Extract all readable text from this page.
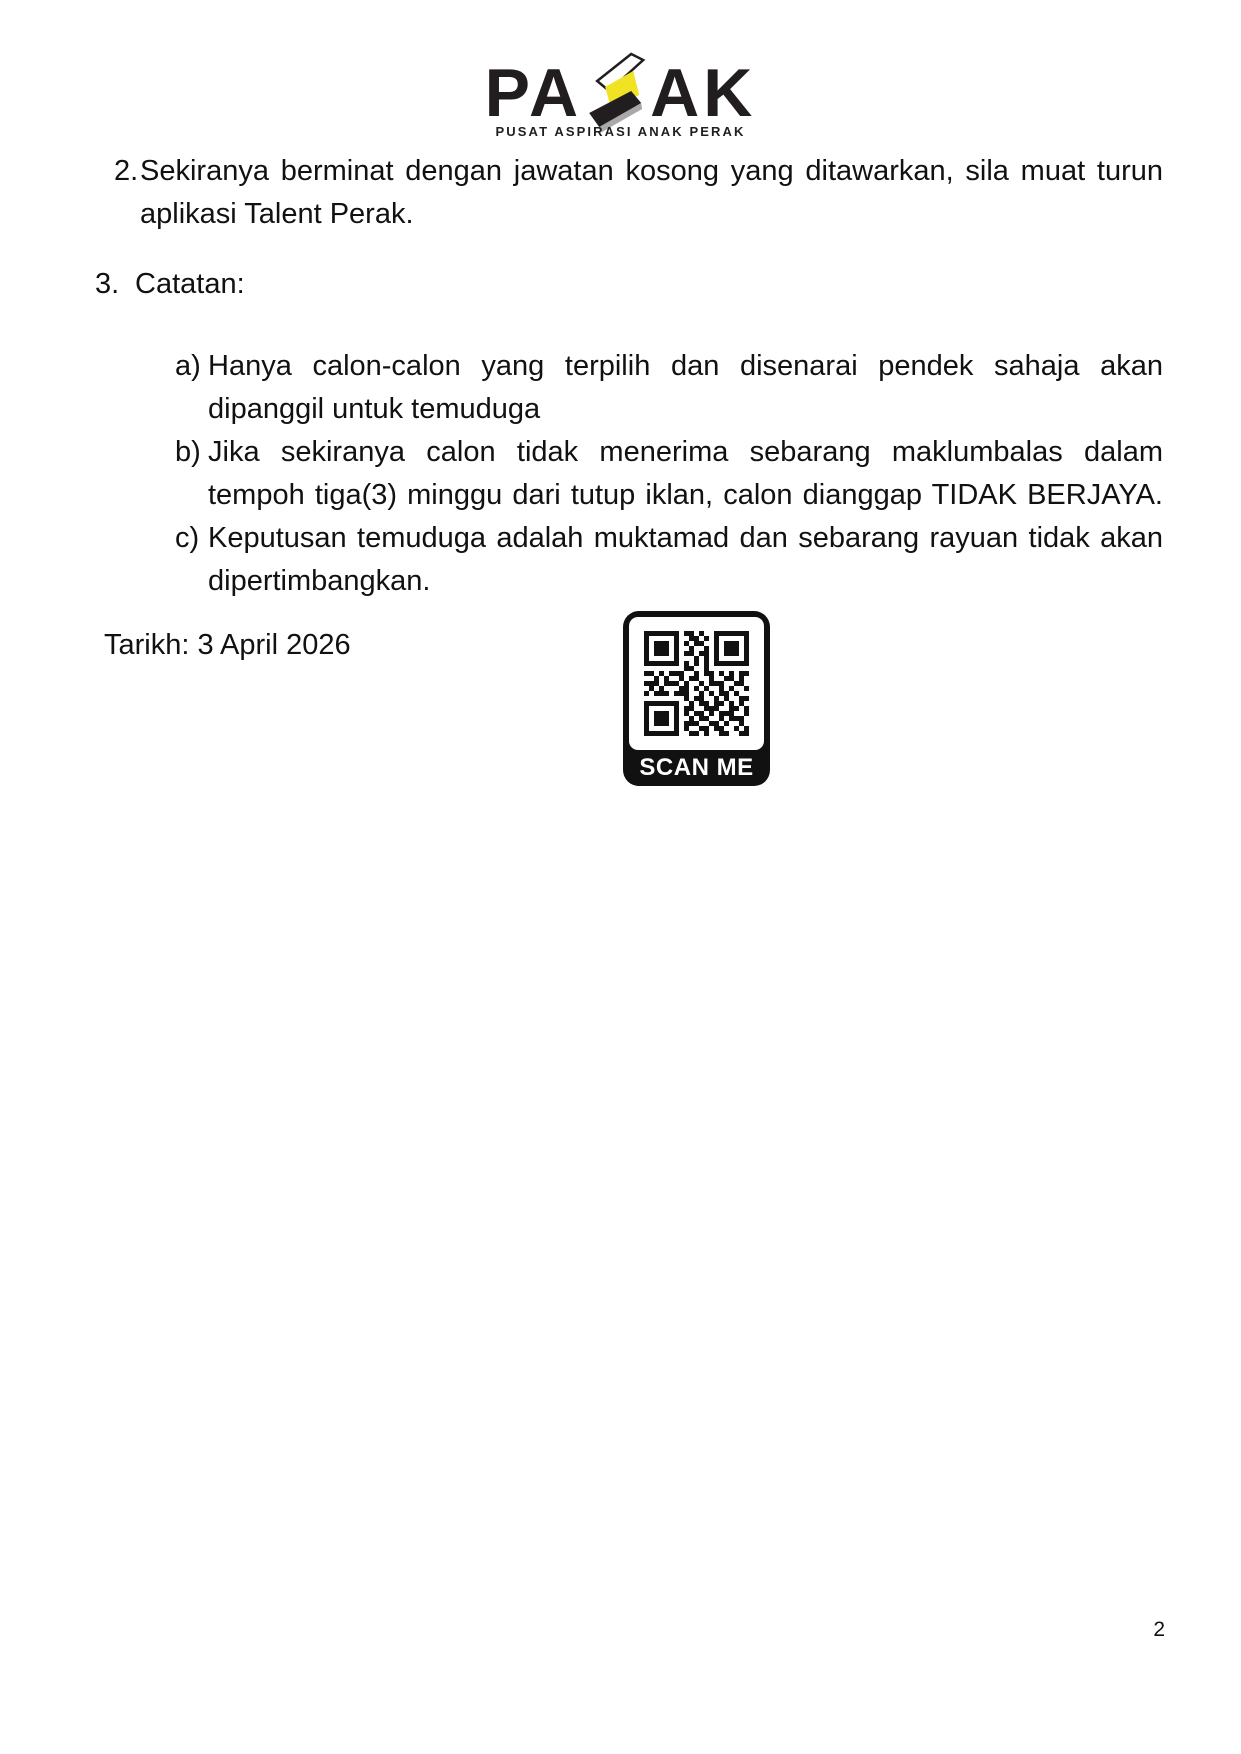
PA AK
PUSAT ASPIRASI ANAK PERAK
2. Sekiranya berminat dengan jawatan kosong yang ditawarkan, sila muat turun
aplikasi Talent Perak.
3. Catatan:
a) Hanya calon-calon yang terpilih dan disenarai pendek sahaja akan
dipanggil untuk temuduga
b) Jika sekiranya calon tidak menerima sebarang maklumbalas dalam
tempoh tiga(3) minggu dari tutup iklan, calon dianggap TIDAK BERJAYA.
c) Keputusan temuduga adalah muktamad dan sebarang rayuan tidak akan
dipertimbangkan.
Tarikh: 3 April 2026
SCAN ME
2
